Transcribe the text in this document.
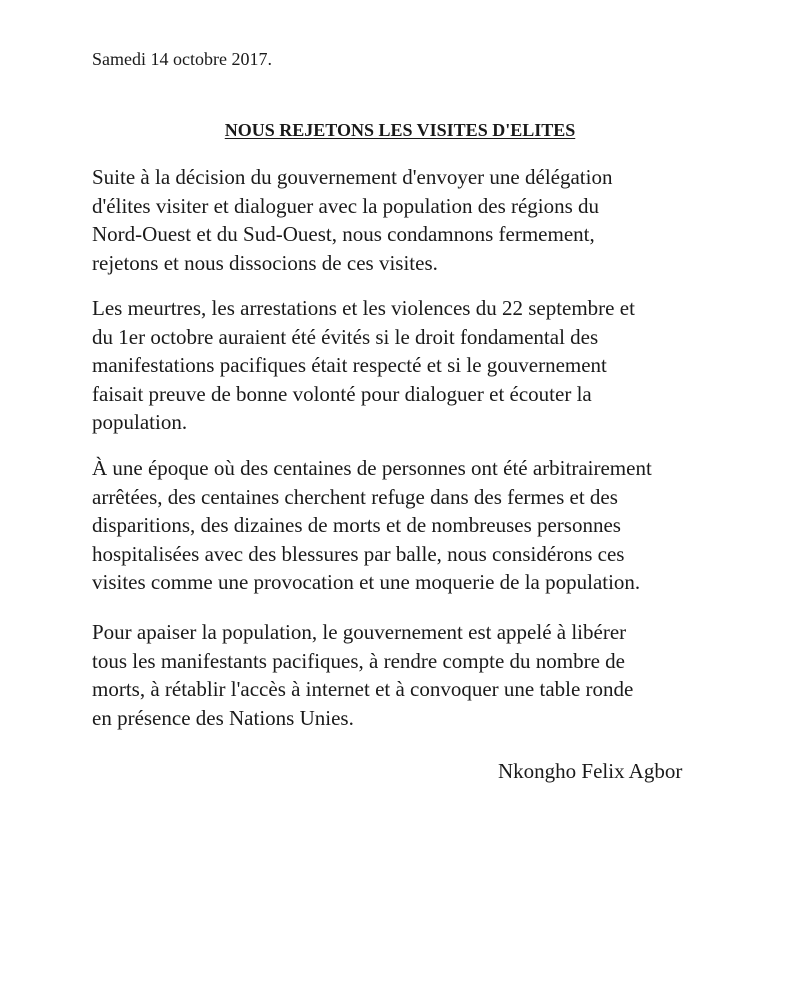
Samedi 14 octobre 2017.
NOUS REJETONS LES VISITES D'ELITES
Suite à la décision du gouvernement d'envoyer une délégation
d'élites visiter et dialoguer avec la population des régions du
Nord-Ouest et du Sud-Ouest, nous condamnons fermement,
rejetons et nous dissocions de ces visites.
Les meurtres, les arrestations et les violences du 22 septembre et
du 1er octobre auraient été évités si le droit fondamental des
manifestations pacifiques était respecté et si le gouvernement
faisait preuve de bonne volonté pour dialoguer et écouter la
population.
À une époque où des centaines de personnes ont été arbitrairement
arrêtées, des centaines cherchent refuge dans des fermes et des
disparitions, des dizaines de morts et de nombreuses personnes
hospitalisées avec des blessures par balle, nous considérons ces
visites comme une provocation et une moquerie de la population.
Pour apaiser la population, le gouvernement est appelé à libérer
tous les manifestants pacifiques, à rendre compte du nombre de
morts, à rétablir l'accès à internet et à convoquer une table ronde
en présence des Nations Unies.
Nkongho Felix Agbor
